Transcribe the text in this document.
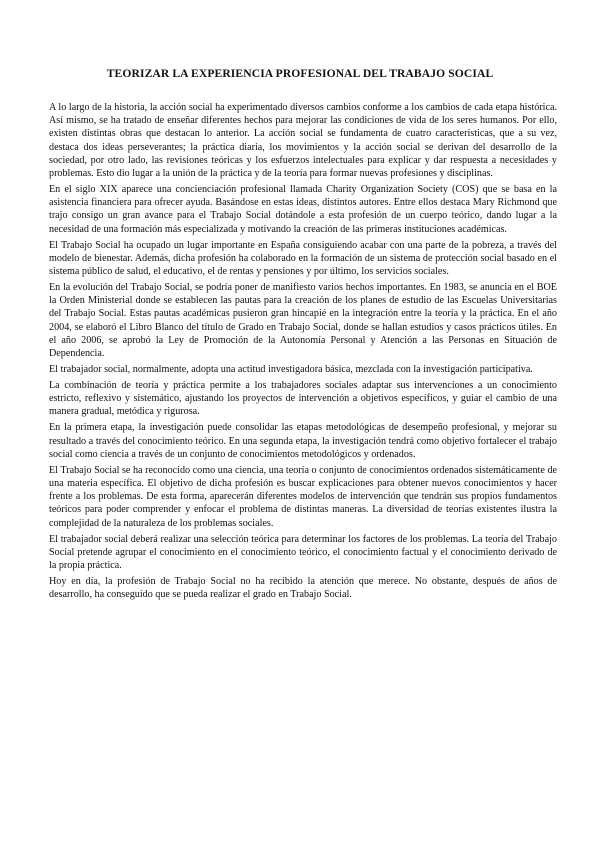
TEORIZAR LA EXPERIENCIA PROFESIONAL DEL TRABAJO SOCIAL

A lo largo de la historia, la acción social ha experimentado diversos cambios conforme a los cambios de cada etapa histórica. Así mismo, se ha tratado de enseñar diferentes hechos para mejorar las condiciones de vida de los seres humanos. Por ello, existen distintas obras que destacan lo anterior. La acción social se fundamenta de cuatro características, que a su vez, destaca dos ideas perseverantes; la práctica diaria, los movimientos y la acción social se derivan del desarrollo de la sociedad, por otro lado, las revisiones teóricas y los esfuerzos intelectuales para explicar y dar respuesta a necesidades y problemas. Esto dio lugar a la unión de la práctica y de la teoría para formar nuevas profesiones y disciplinas.

En el siglo XIX aparece una concienciación profesional llamada Charity Organization Society (COS) que se basa en la asistencia financiera para ofrecer ayuda. Basándose en estas ideas, distintos autores. Entre ellos destaca Mary Richmond que trajo consigo un gran avance para el Trabajo Social dotándole a esta profesión de un cuerpo teórico, dando lugar a la necesidad de una formación más especializada y motivando la creación de las primeras instituciones académicas.

El Trabajo Social ha ocupado un lugar importante en España consiguiendo acabar con una parte de la pobreza, a través del modelo de bienestar. Además, dicha profesión ha colaborado en la formación de un sistema de protección social basado en el sistema público de salud, el educativo, el de rentas y pensiones y por último, los servicios sociales.

En la evolución del Trabajo Social, se podría poner de manifiesto varios hechos importantes. En 1983, se anuncia en el BOE la Orden Ministerial donde se establecen las pautas para la creación de los planes de estudio de las Escuelas Universitarias del Trabajo Social. Estas pautas académicas pusieron gran hincapié en la integración entre la teoría y la práctica. En el año 2004, se elaboró el Libro Blanco del título de Grado en Trabajo Social, donde se hallan estudios y casos prácticos útiles. En el año 2006, se aprobó la Ley de Promoción de la Autonomía Personal y Atención a las Personas en Situación de Dependencia.

El trabajador social, normalmente, adopta una actitud investigadora básica, mezclada con la investigación participativa.

La combinación de teoría y práctica permite a los trabajadores sociales adaptar sus intervenciones a un conocimiento estricto, reflexivo y sistemático, ajustando los proyectos de intervención a objetivos específicos, y guiar el cambio de una manera gradual, metódica y rigurosa.

En la primera etapa, la investigación puede consolidar las etapas metodológicas de desempeño profesional, y mejorar su resultado a través del conocimiento teórico. En una segunda etapa, la investigación tendrá como objetivo fortalecer el trabajo social como ciencia a través de un conjunto de conocimientos metodológicos y ordenados.

El Trabajo Social se ha reconocido como una ciencia, una teoría o conjunto de conocimientos ordenados sistemáticamente de una materia específica. El objetivo de dicha profesión es buscar explicaciones para obtener nuevos conocimientos y hacer frente a los problemas. De esta forma, aparecerán diferentes modelos de intervención que tendrán sus propios fundamentos teóricos para poder comprender y enfocar el problema de distintas maneras. La diversidad de teorías existentes ilustra la complejidad de la naturaleza de los problemas sociales.

El trabajador social deberá realizar una selección teórica para determinar los factores de los problemas. La teoría del Trabajo Social pretende agrupar el conocimiento en el conocimiento teórico, el conocimiento factual y el conocimiento derivado de la propia práctica.

Hoy en día, la profesión de Trabajo Social no ha recibido la atención que merece. No obstante, después de años de desarrollo, ha conseguido que se pueda realizar el grado en Trabajo Social.
